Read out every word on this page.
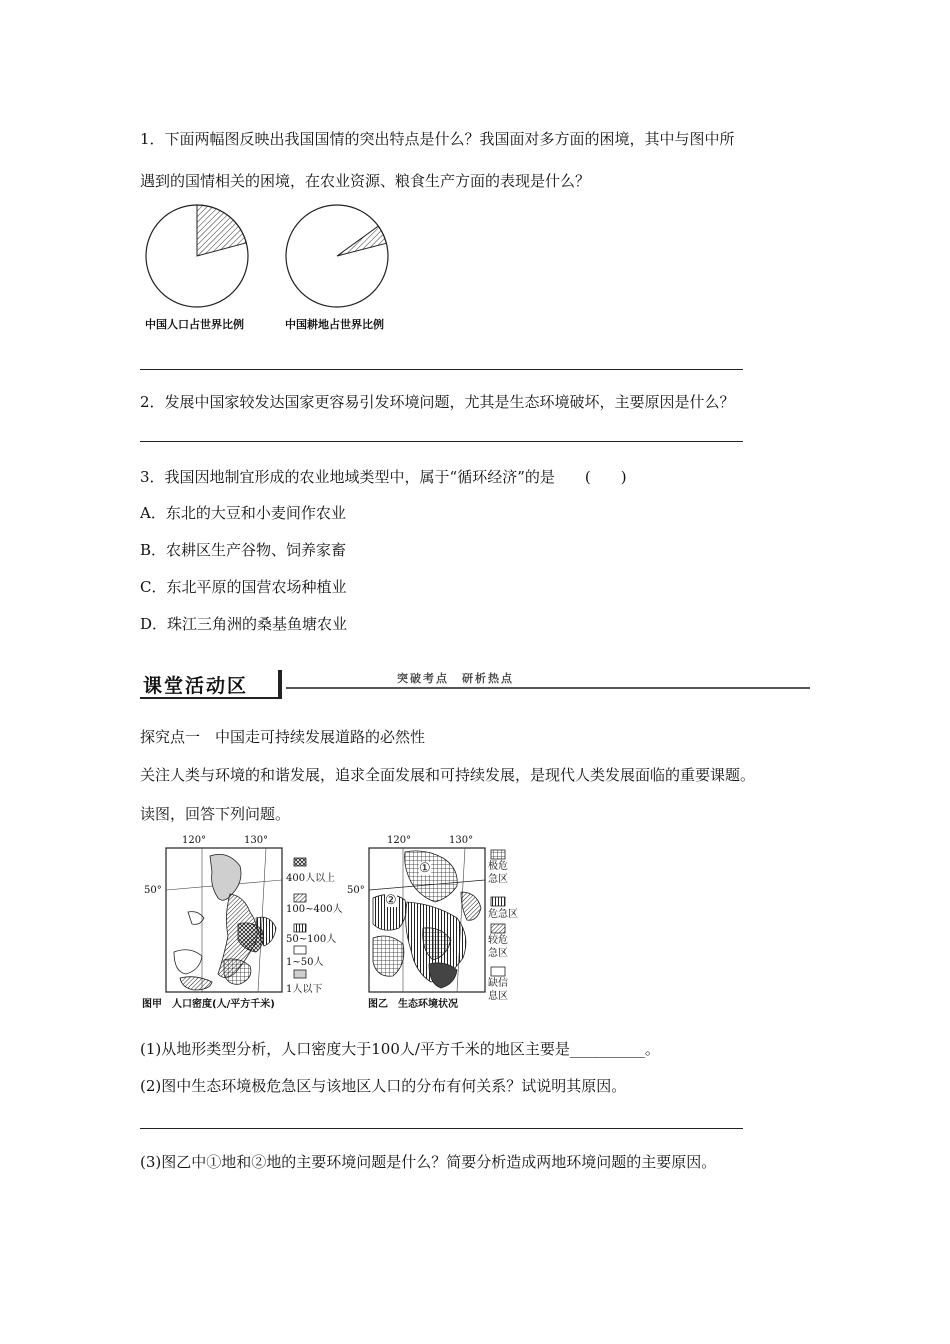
1．下面两幅图反映出我国国情的突出特点是什么？我国面对多方面的困境，其中与图中所
遇到的国情相关的困境，在农业资源、粮食生产方面的表现是什么？
中国人口占世界比例	中国耕地占世界比例
2．发展中国家较发达国家更容易引发环境问题，尤其是生态环境破坏，主要原因是什么？
3．我国因地制宜形成的农业地域类型中，属于“循环经济”的是　　(　　)
A．东北的大豆和小麦间作农业
B．农耕区生产谷物、饲养家畜
C．东北平原的国营农场种植业
D．珠江三角洲的桑基鱼塘农业
课堂活动区	突破考点　研析热点
探究点一　中国走可持续发展道路的必然性
关注人类与环境的和谐发展，追求全面发展和可持续发展，是现代人类发展面临的重要课题。
读图，回答下列问题。
120°	130°
50°
400人以上
100~400人
50~100人
1~50人
1人以下
图甲　人口密度(人/平方千米)
120°	130°
50°
①
②
极危
急区
危急区
较危
急区
缺信
息区
图乙　生态环境状况
(1)从地形类型分析，人口密度大于100人/平方千米的地区主要是__________。
(2)图中生态环境极危急区与该地区人口的分布有何关系？试说明其原因。
(3)图乙中①地和②地的主要环境问题是什么？简要分析造成两地环境问题的主要原因。
